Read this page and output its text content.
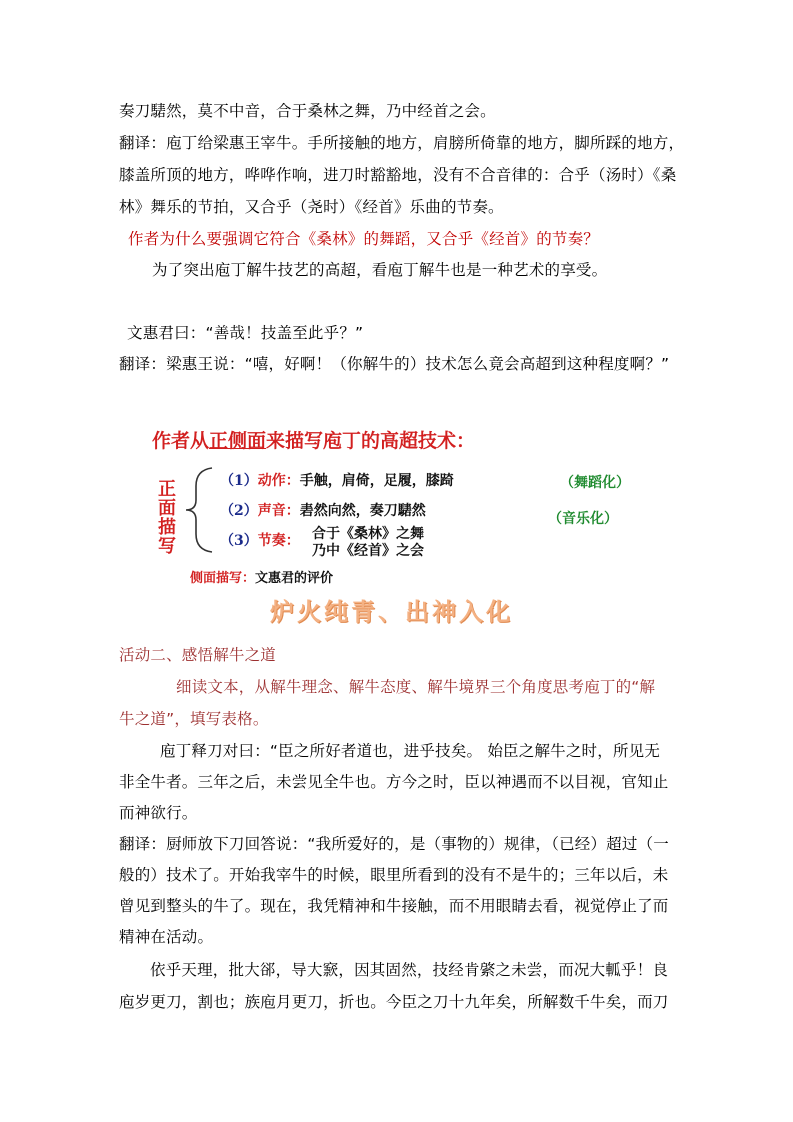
奏刀騞然，莫不中音，合于桑林之舞，乃中经首之会。
翻译：庖丁给梁惠王宰牛。手所接触的地方，肩膀所倚靠的地方，脚所踩的地方，
膝盖所顶的地方，哗哗作响，进刀时豁豁地，没有不合音律的：合乎（汤时）《桑
林》舞乐的节拍，又合乎（尧时）《经首》乐曲的节奏。
作者为什么要强调它符合《桑林》的舞蹈，又合乎《经首》的节奏？
为了突出庖丁解牛技艺的高超，看庖丁解牛也是一种艺术的享受。
文惠君曰：“善哉！技盖至此乎？”
翻译：梁惠王说：“嘻，好啊！（你解牛的）技术怎么竟会高超到这种程度啊？”
作者从正侧面来描写庖丁的高超技术：
正面描写
（1）动作：手触，肩倚，足履，膝踦
（2）声音：砉然向然，奏刀騞然
（3）节奏： 合于《桑林》之舞
乃中《经首》之会
（舞蹈化）
（音乐化）
侧面描写：文惠君的评价
炉火纯青、出神入化
活动二、感悟解牛之道
细读文本，从解牛理念、解牛态度、解牛境界三个角度思考庖丁的“解
牛之道”，填写表格。
庖丁释刀对曰：“臣之所好者道也，进乎技矣。 始臣之解牛之时，所见无
非全牛者。三年之后，未尝见全牛也。方今之时，臣以神遇而不以目视，官知止
而神欲行。
翻译：厨师放下刀回答说：“我所爱好的，是（事物的）规律，（已经）超过（一
般的）技术了。开始我宰牛的时候，眼里所看到的没有不是牛的；三年以后，未
曾见到整头的牛了。现在，我凭精神和牛接触，而不用眼睛去看，视觉停止了而
精神在活动。
依乎天理，批大郤，导大窾，因其固然，技经肯綮之未尝，而况大軱乎！良
庖岁更刀，割也；族庖月更刀，折也。今臣之刀十九年矣，所解数千牛矣，而刀
